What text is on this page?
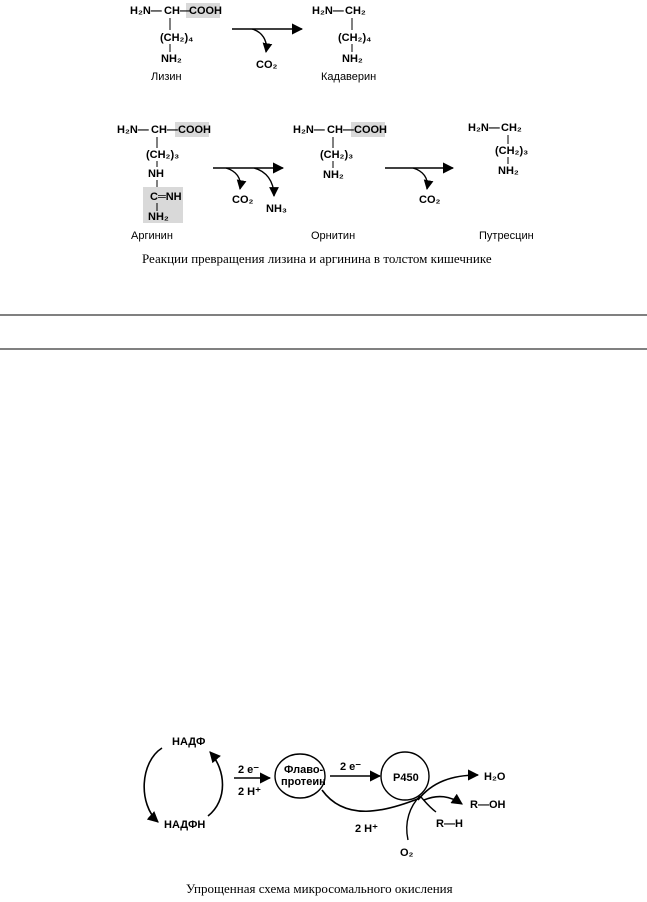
H₂N— CH—
COOH
(CH₂)₄
NH₂
Лизин
CO₂
H₂N— CH₂
(CH₂)₄
NH₂
Кадаверин
H₂N— CH— COOH
(CH₂)₃
NH
C═NH
NH₂
Аргинин
CO₂
NH₃
H₂N— CH— COOH
(CH₂)₃
NH₂
Орнитин
CO₂
H₂N— CH₂
(CH₂)₃
NH₂
Путресцин
Реакции превращения лизина и аргинина в толстом кишечнике
НАДФ
НАДФН
2 e⁻
2 H⁺
Флаво-
протеин
2 e⁻
P450
2 H⁺
H₂O
R—OH
R—H
O₂
Упрощенная схема микросомального окисления
